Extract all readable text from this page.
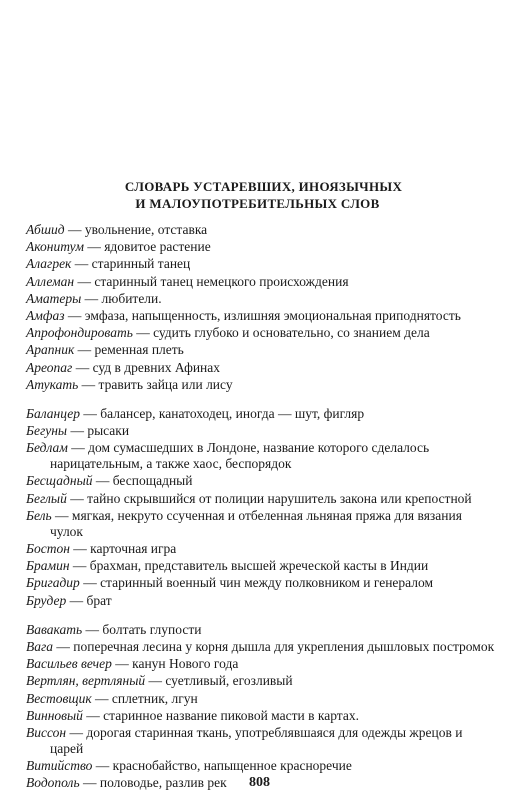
СЛОВАРЬ УСТАРЕВШИХ, ИНОЯЗЫЧНЫХ
И МАЛОУПОТРЕБИТЕЛЬНЫХ СЛОВ

Абшид — увольнение, отставка

Аконитум — ядовитое растение

Алагрек — старинный танец

Аллеман — старинный танец немецкого происхождения

Аматеры — любители.

Амфаз — эмфаза, напыщенность, излишняя эмоциональная приподнятость

Апрофондировать — судить глубоко и основательно, со знанием дела

Арапник — ременная плеть

Ареопаг — суд в древних Афинах

Атукать — травить зайца или лису

Баланцер — балансер, канатоходец, иногда — шут, фигляр

Бегуны — рысаки

Бедлам — дом сумасшедших в Лондоне, название которого сделалось нарицательным, а также хаос, беспорядок

Бесщадный — беспощадный

Беглый — тайно скрывшийся от полиции нарушитель закона или крепостной

Бель — мягкая, некруто ссученная и отбеленная льняная пряжа для вязания чулок

Бостон — карточная игра

Брамин — брахман, представитель высшей жреческой касты в Индии

Бригадир — старинный военный чин между полковником и генералом

Брудер — брат

Вавакать — болтать глупости

Вага — поперечная лесина у корня дышла для укрепления дышловых постромок

Васильев вечер — канун Нового года

Вертлян, вертляный — суетливый, егозливый

Вестовщик — сплетник, лгун

Винновый — старинное название пиковой масти в картах.

Виссон — дорогая старинная ткань, употреблявшаяся для одежды жрецов и царей

Витийство — краснобайство, напыщенное красноречие

Водополь — половодье, разлив рек	808
